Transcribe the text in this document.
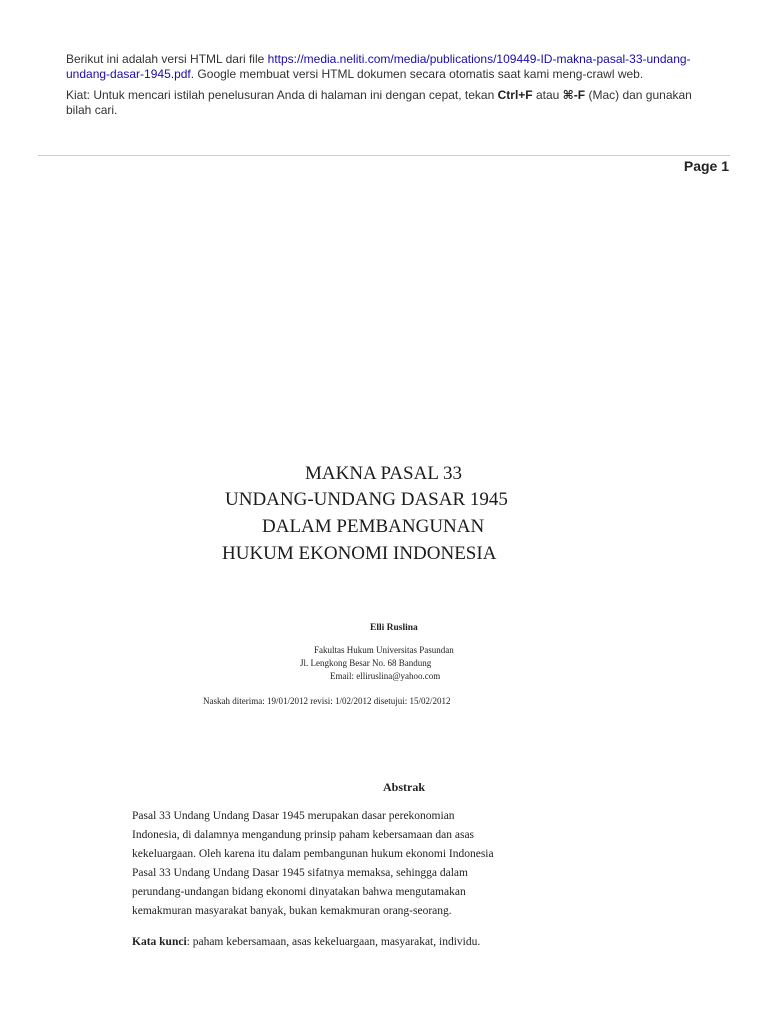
Berikut ini adalah versi HTML dari file https://media.neliti.com/media/publications/109449-ID-makna-pasal-33-undang-undang-dasar-1945.pdf. Google membuat versi HTML dokumen secara otomatis saat kami meng-crawl web.

Kiat: Untuk mencari istilah penelusuran Anda di halaman ini dengan cepat, tekan Ctrl+F atau ⌘-F (Mac) dan gunakan bilah cari.

Page 1
MAKNA PASAL 33
UNDANG-UNDANG DASAR 1945
DALAM PEMBANGUNAN
HUKUM EKONOMI INDONESIA
Elli Ruslina
Fakultas Hukum Universitas Pasundan
Jl. Lengkong Besar No. 68 Bandung
Email: elliruslina@yahoo.com
Naskah diterima: 19/01/2012 revisi: 1/02/2012 disetujui: 15/02/2012
Abstrak
Pasal 33 Undang Undang Dasar 1945 merupakan dasar perekonomian
Indonesia, di dalamnya mengandung prinsip paham kebersamaan dan asas
kekeluargaan. Oleh karena itu dalam pembangunan hukum ekonomi Indonesia
Pasal 33 Undang Undang Dasar 1945 sifatnya memaksa, sehingga dalam
perundang-undangan bidang ekonomi dinyatakan bahwa mengutamakan
kemakmuran masyarakat banyak, bukan kemakmuran orang-seorang.
Kata kunci: paham kebersamaan, asas kekeluargaan, masyarakat, individu.
